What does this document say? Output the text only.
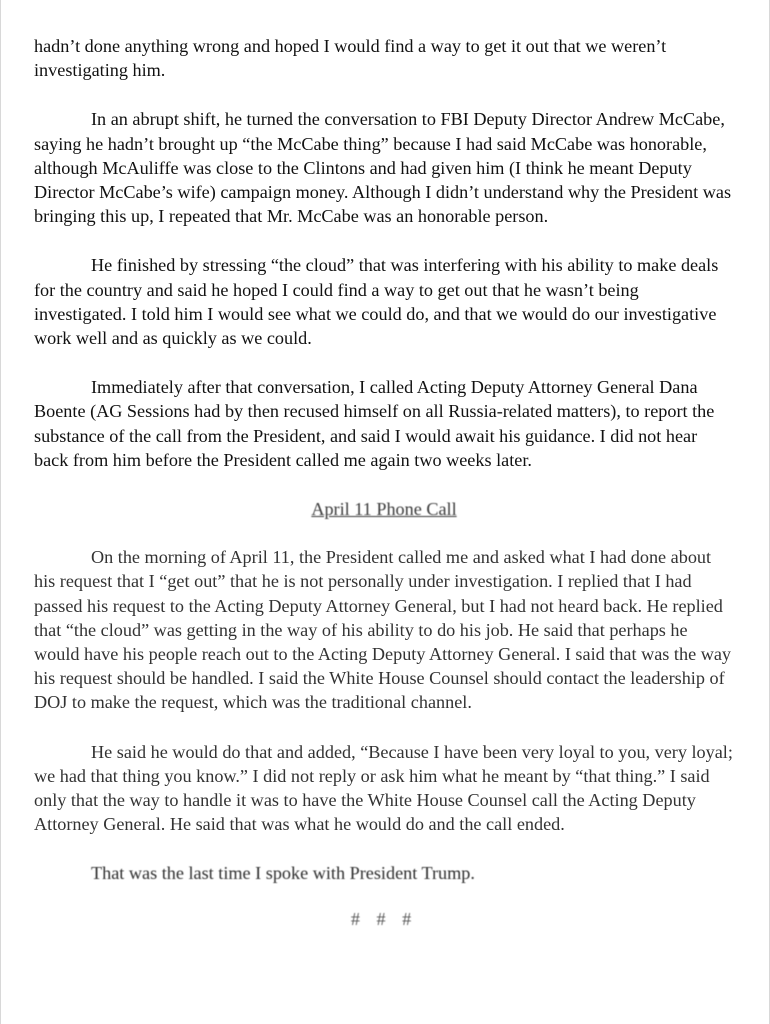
hadn’t done anything wrong and hoped I would find a way to get it out that we weren’t investigating him.

In an abrupt shift, he turned the conversation to FBI Deputy Director Andrew McCabe, saying he hadn’t brought up “the McCabe thing” because I had said McCabe was honorable, although McAuliffe was close to the Clintons and had given him (I think he meant Deputy Director McCabe’s wife) campaign money. Although I didn’t understand why the President was bringing this up, I repeated that Mr. McCabe was an honorable person.

He finished by stressing “the cloud” that was interfering with his ability to make deals for the country and said he hoped I could find a way to get out that he wasn’t being investigated. I told him I would see what we could do, and that we would do our investigative work well and as quickly as we could.

Immediately after that conversation, I called Acting Deputy Attorney General Dana Boente (AG Sessions had by then recused himself on all Russia-related matters), to report the substance of the call from the President, and said I would await his guidance. I did not hear back from him before the President called me again two weeks later.

April 11 Phone Call

On the morning of April 11, the President called me and asked what I had done about his request that I “get out” that he is not personally under investigation. I replied that I had passed his request to the Acting Deputy Attorney General, but I had not heard back. He replied that “the cloud” was getting in the way of his ability to do his job. He said that perhaps he would have his people reach out to the Acting Deputy Attorney General. I said that was the way his request should be handled. I said the White House Counsel should contact the leadership of DOJ to make the request, which was the traditional channel.

He said he would do that and added, “Because I have been very loyal to you, very loyal; we had that thing you know.” I did not reply or ask him what he meant by “that thing.” I said only that the way to handle it was to have the White House Counsel call the Acting Deputy Attorney General. He said that was what he would do and the call ended.

That was the last time I spoke with President Trump.

# # #
